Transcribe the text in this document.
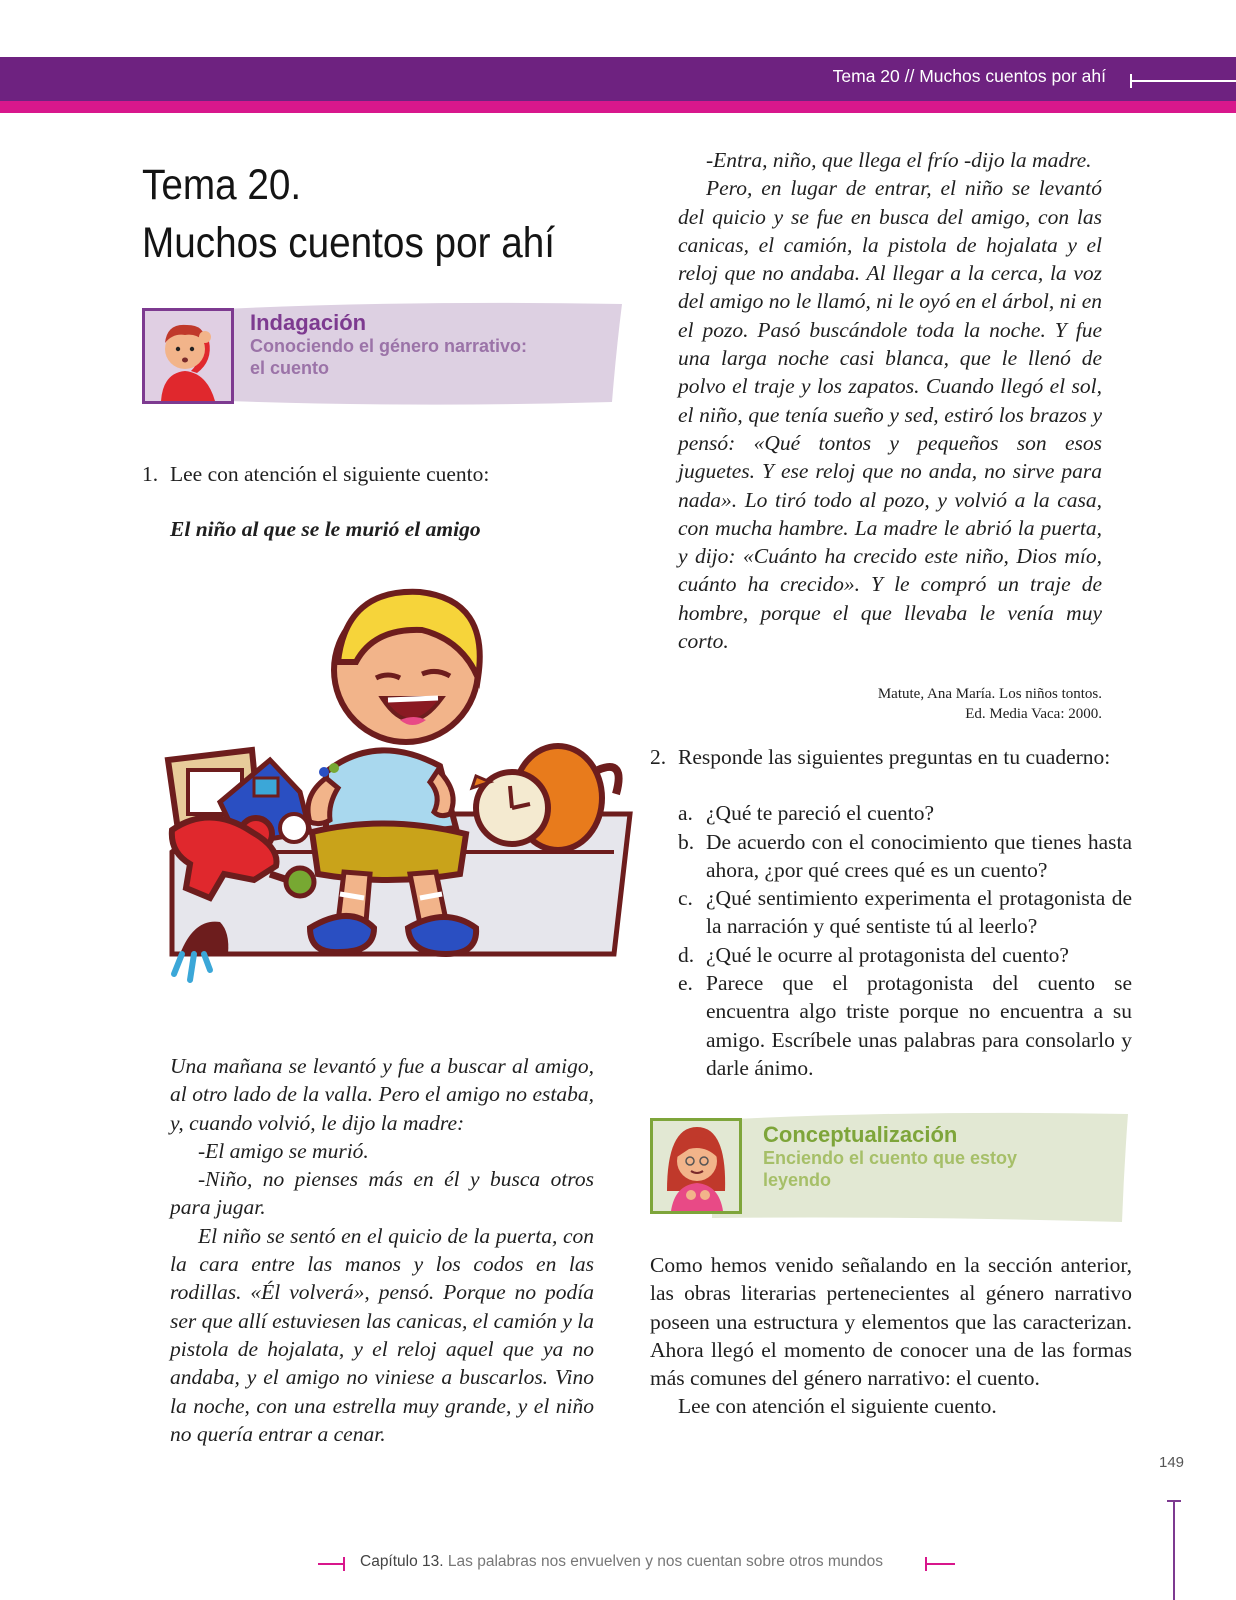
Tema 20 // Muchos cuentos por ahí
Tema 20.
Muchos cuentos por ahí
Indagación
Conociendo el género narrativo:
el cuento
1. Lee con atención el siguiente cuento:
El niño al que se le murió el amigo

Una mañana se levantó y fue a buscar al amigo, al otro lado de la valla. Pero el amigo no estaba, y, cuando volvió, le dijo la madre:

-El amigo se murió.

-Niño, no pienses más en él y busca otros para jugar.

El niño se sentó en el quicio de la puerta, con la cara entre las manos y los codos en las rodillas. «Él volverá», pensó. Porque no podía ser que allí estuviesen las canicas, el camión y la pistola de hojalata, y el reloj aquel que ya no andaba, y el amigo no viniese a buscarlos. Vino la noche, con una estrella muy grande, y el niño no quería entrar a cenar.

-Entra, niño, que llega el frío -dijo la madre.

Pero, en lugar de entrar, el niño se levantó del quicio y se fue en busca del amigo, con las canicas, el camión, la pistola de hojalata y el reloj que no andaba. Al llegar a la cerca, la voz del amigo no le llamó, ni le oyó en el árbol, ni en el pozo. Pasó buscándole toda la noche. Y fue una larga noche casi blanca, que le llenó de polvo el traje y los zapatos. Cuando llegó el sol, el niño, que tenía sueño y sed, estiró los brazos y pensó: «Qué tontos y pequeños son esos juguetes. Y ese reloj que no anda, no sirve para nada». Lo tiró todo al pozo, y volvió a la casa, con mucha hambre. La madre le abrió la puerta, y dijo: «Cuánto ha crecido este niño, Dios mío, cuánto ha crecido». Y le compró un traje de hombre, porque el que llevaba le venía muy corto.

Matute, Ana María. Los niños tontos.
Ed. Media Vaca: 2000.
2. Responde las siguientes preguntas en tu cuaderno:
a. ¿Qué te pareció el cuento?
b. De acuerdo con el conocimiento que tienes hasta ahora, ¿por qué crees qué es un cuento?
c. ¿Qué sentimiento experimenta el protagonista de la narración y qué sentiste tú al leerlo?
d. ¿Qué le ocurre al protagonista del cuento?
e. Parece que el protagonista del cuento se encuentra algo triste porque no encuentra a su amigo. Escríbele unas palabras para consolarlo y darle ánimo.
Conceptualización
Enciendo el cuento que estoy
leyendo

Como hemos venido señalando en la sección anterior, las obras literarias pertenecientes al género narrativo poseen una estructura y elementos que las caracterizan. Ahora llegó el momento de conocer una de las formas más comunes del género narrativo: el cuento.

Lee con atención el siguiente cuento.

149
Capítulo 13. Las palabras nos envuelven y nos cuentan sobre otros mundos
